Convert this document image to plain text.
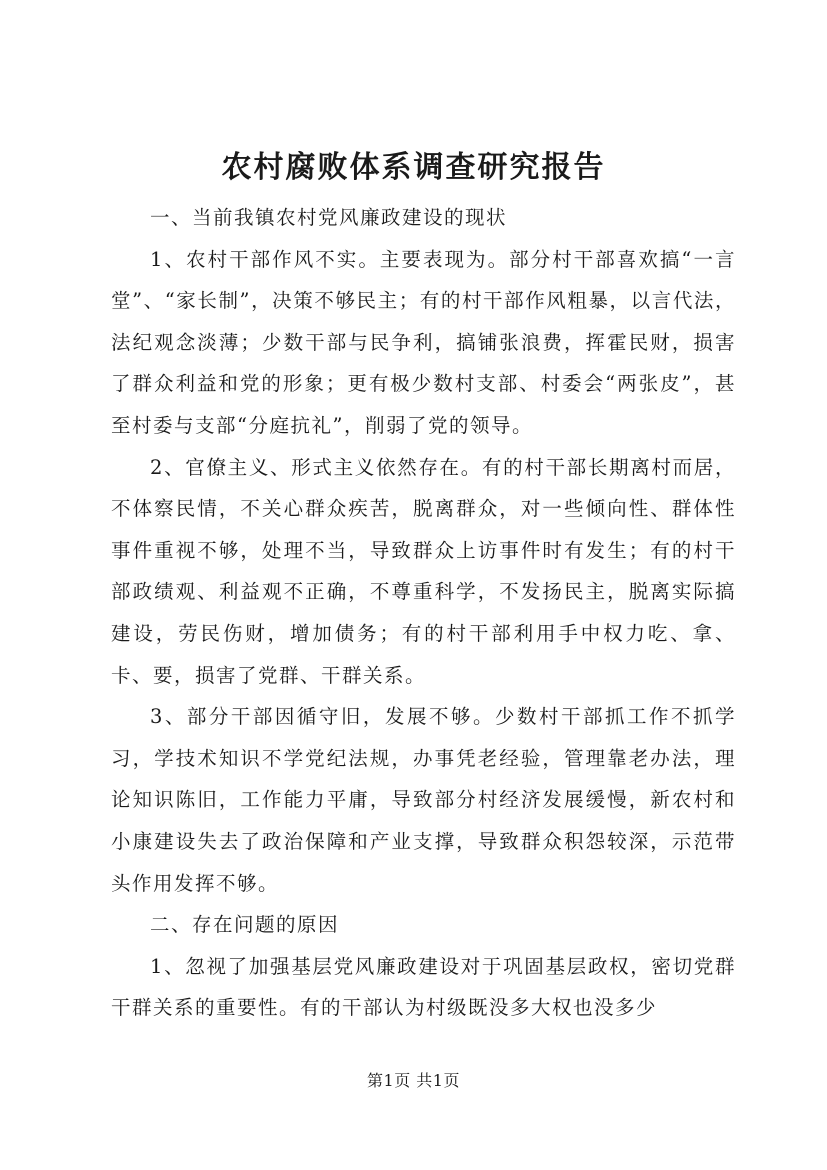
农村腐败体系调查研究报告

一、当前我镇农村党风廉政建设的现状

1、农村干部作风不实。主要表现为。部分村干部喜欢搞“一言堂”、“家长制”，决策不够民主；有的村干部作风粗暴，以言代法，法纪观念淡薄；少数干部与民争利，搞铺张浪费，挥霍民财，损害了群众利益和党的形象；更有极少数村支部、村委会“两张皮”，甚至村委与支部“分庭抗礼”，削弱了党的领导。

2、官僚主义、形式主义依然存在。有的村干部长期离村而居，不体察民情，不关心群众疾苦，脱离群众，对一些倾向性、群体性事件重视不够，处理不当，导致群众上访事件时有发生；有的村干部政绩观、利益观不正确，不尊重科学，不发扬民主，脱离实际搞建设，劳民伤财，增加债务；有的村干部利用手中权力吃、拿、卡、要，损害了党群、干群关系。

3、部分干部因循守旧，发展不够。少数村干部抓工作不抓学习，学技术知识不学党纪法规，办事凭老经验，管理靠老办法，理论知识陈旧，工作能力平庸，导致部分村经济发展缓慢，新农村和小康建设失去了政治保障和产业支撑，导致群众积怨较深，示范带头作用发挥不够。

二、存在问题的原因

1、忽视了加强基层党风廉政建设对于巩固基层政权，密切党群干群关系的重要性。有的干部认为村级既没多大权也没多少

第1页 共1页
